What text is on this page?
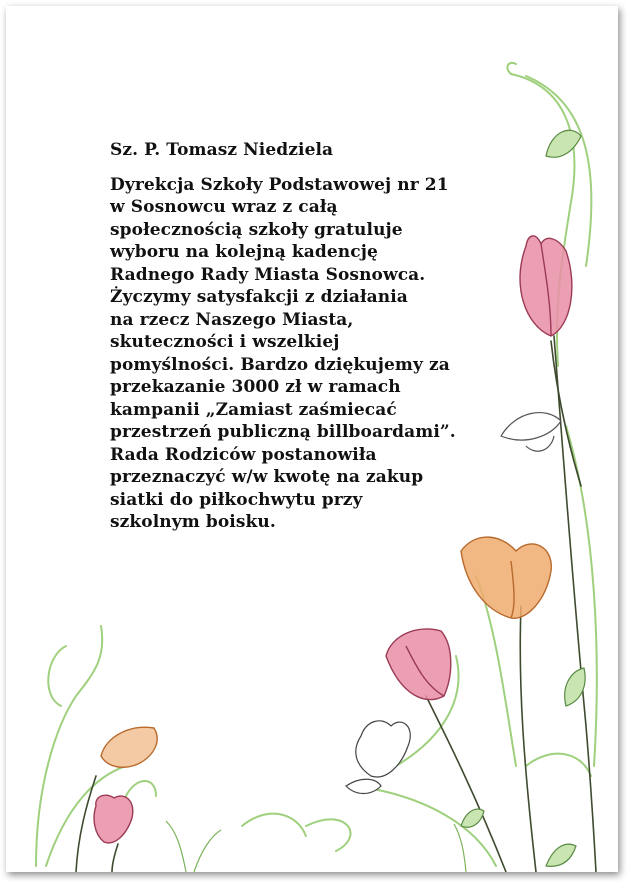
Sz. P. Tomasz Niedziela
Dyrekcja Szkoły Podstawowej nr 21
w Sosnowcu wraz z całą
społecznością szkoły gratuluje
wyboru na kolejną kadencję
Radnego Rady Miasta Sosnowca.
Życzymy satysfakcji z działania
na rzecz Naszego Miasta,
skuteczności i wszelkiej
pomyślności. Bardzo dziękujemy za
przekazanie 3000 zł w ramach
kampanii „Zamiast zaśmiecać
przestrzeń publiczną billboardami”.
Rada Rodziców postanowiła
przeznaczyć w/w kwotę na zakup
siatki do piłkochwytu przy
szkolnym boisku.
